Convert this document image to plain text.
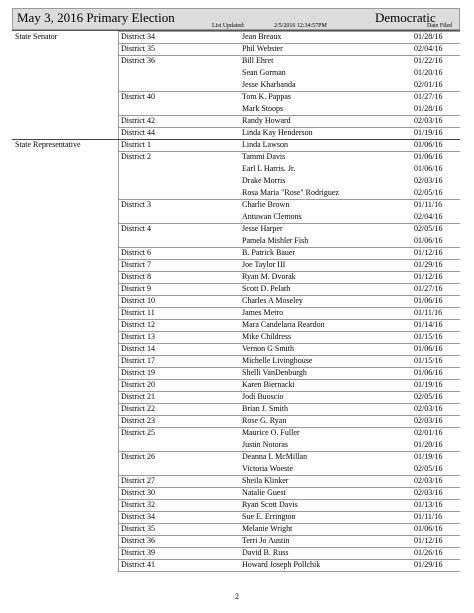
May 3, 2016 Primary Election	Democratic
List Updated:	2/5/2016 12:34:57PM	Date Filed
State Senator	District 34	Jean Breaux	01/28/16
District 35	Phil Webster	02/04/16
District 36	Bill Ehret	01/22/16
Sean Gorman	01/20/16
Jesse Kharbanda	02/01/16
District 40	Tom K. Pappas	01/27/16
Mark Stoops	01/28/16
District 42	Randy Howard	02/03/16
District 44	Linda Kay Henderson	01/19/16
State Representative	District 1	Linda Lawson	01/06/16
District 2	Tammi Davis	01/06/16
Earl L Harris. Jr.	01/06/16
Drake Morris	02/03/16
Rosa Maria "Rose" Rodriguez	02/05/16
District 3	Charlie Brown	01/11/16
Antuwan Clemons	02/04/16
District 4	Jesse Harper	02/05/16
Pamela Mishler Fish	01/06/16
District 6	B. Patrick Bauer	01/12/16
District 7	Joe Taylor III	01/29/16
District 8	Ryan M. Dvorak	01/12/16
District 9	Scott D. Pelath	01/27/16
District 10	Charles A Moseley	01/06/16
District 11	James Metro	01/11/16
District 12	Mara Candelaria Reardon	01/14/16
District 13	Mike Childress	01/15/16
District 14	Vernon G Smith	01/06/16
District 17	Michelle Livinghouse	01/15/16
District 19	Shelli VanDenburgh	01/06/16
District 20	Karen Biernacki	01/19/16
District 21	Jodi Buoscio	02/05/16
District 22	Brian J. Smith	02/03/16
District 23	Rose G. Ryan	02/03/16
District 25	Maurice O. Fuller	02/01/16
Justin Notoras	01/20/16
District 26	Deanna I. McMillan	01/19/16
Victoria Woeste	02/05/16
District 27	Sheila Klinker	02/03/16
District 30	Natalie Guest	02/03/16
District 32	Ryan Scott Davis	01/13/16
District 34	Sue E. Errington	01/11/16
District 35	Melanie Wright	01/06/16
District 36	Terri Jo Austin	01/12/16
District 39	David B. Russ	01/26/16
District 41	Howard Joseph Pollchik	01/29/16
2
